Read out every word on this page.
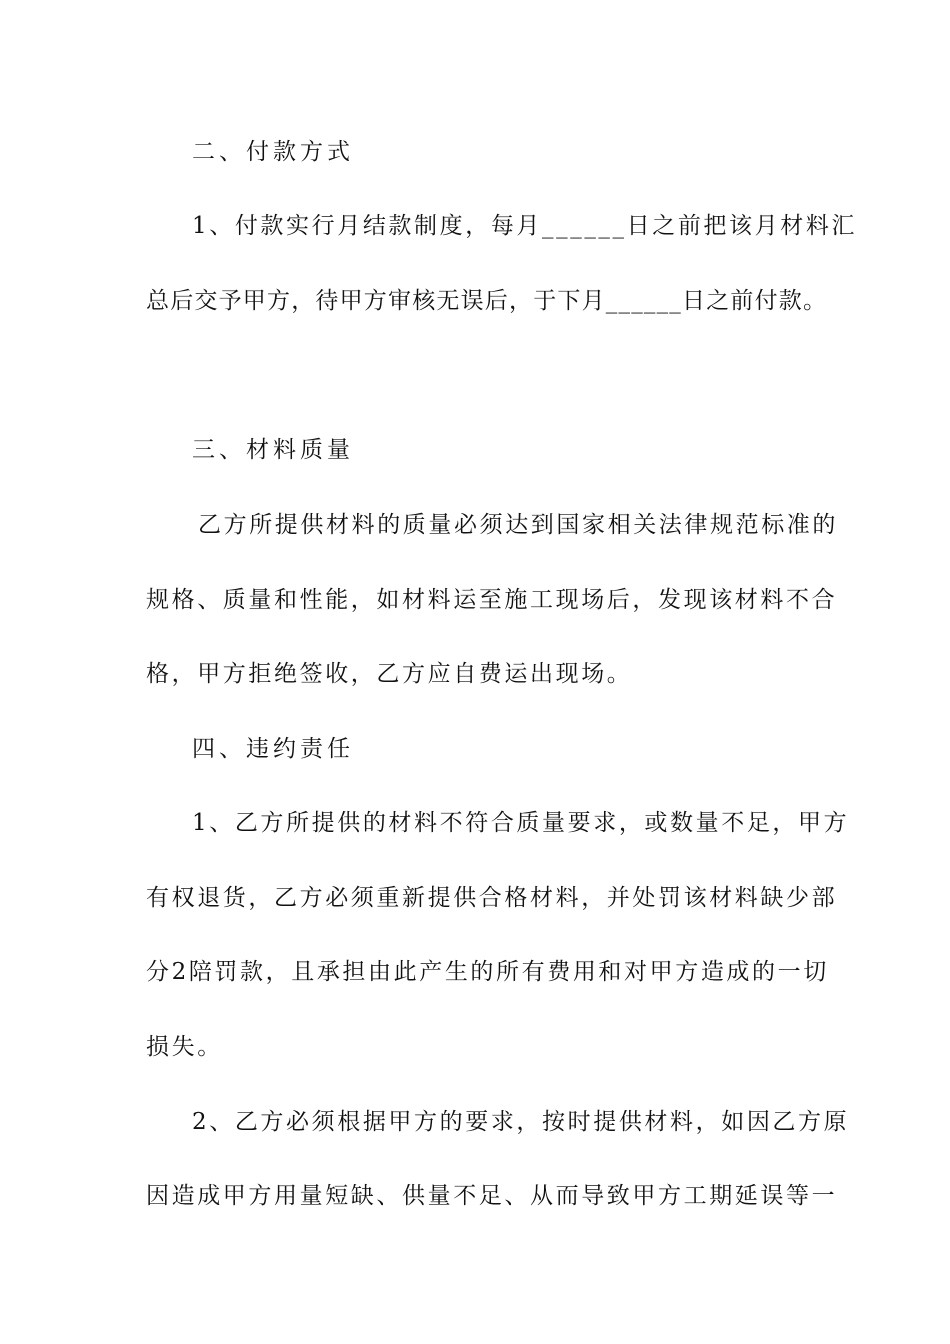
二、付款方式
1、付款实行月结款制度，每月______日之前把该月材料汇
总后交予甲方，待甲方审核无误后，于下月______日之前付款。
三、材料质量
乙方所提供材料的质量必须达到国家相关法律规范标准的
规格、质量和性能，如材料运至施工现场后，发现该材料不合
格，甲方拒绝签收，乙方应自费运出现场。
四、违约责任
1、乙方所提供的材料不符合质量要求，或数量不足，甲方
有权退货，乙方必须重新提供合格材料，并处罚该材料缺少部
分2陪罚款，且承担由此产生的所有费用和对甲方造成的一切
损失。
2、乙方必须根据甲方的要求，按时提供材料，如因乙方原
因造成甲方用量短缺、供量不足、从而导致甲方工期延误等一
